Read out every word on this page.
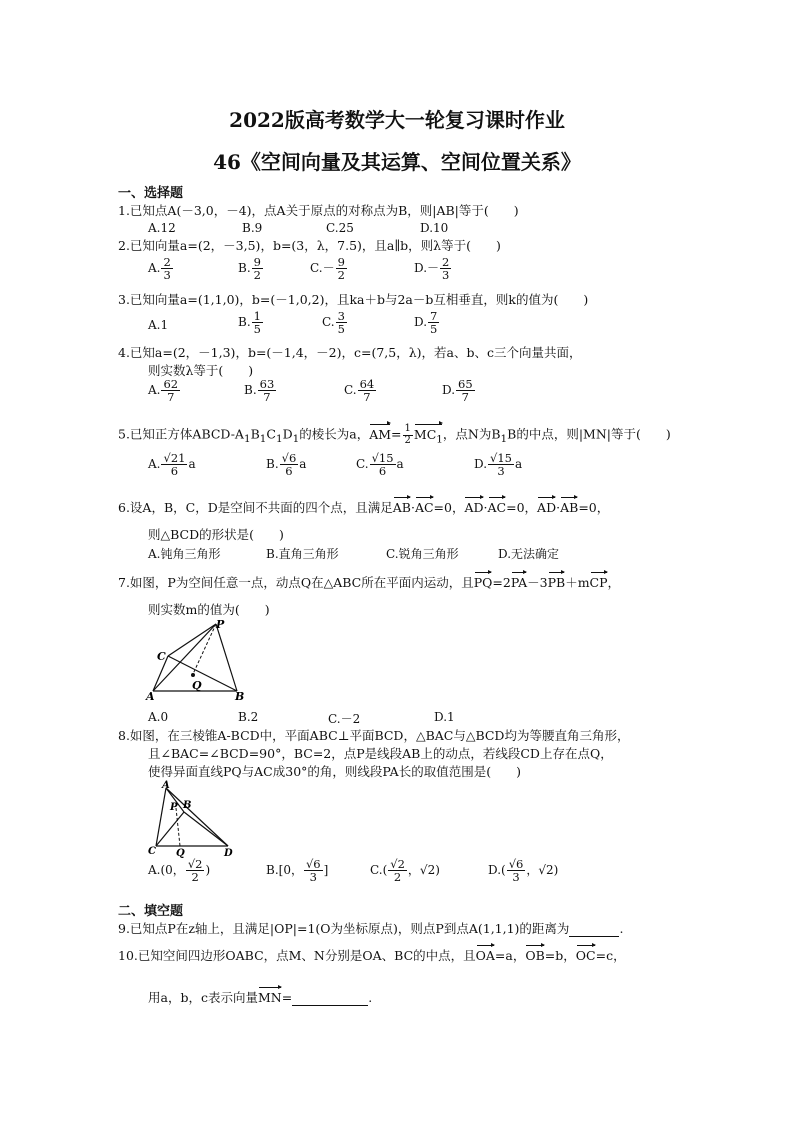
2022版高考数学大一轮复习课时作业
46《空间向量及其运算、空间位置关系》
一、选择题
1.已知点A(－3,0，－4)，点A关于原点的对称点为B，则|AB|等于(　　)
A.12	B.9	C.25	D.10
2.已知向量a=(2，－3,5)，b=(3，λ，7.5)，且a∥b，则λ等于(　　)
A. $\frac{2}{3}$	B. $\frac{9}{2}$	$C.- \frac{9}{2}$	$D.- \frac{2}{3}$
3.已知向量a=(1,1,0)，b=(－1,0,2)，且ka＋b与2a－b互相垂直，则k的值为(　　)
A.1	B. $\frac{1}{5}$	C. $\frac{3}{5}$	D. $\frac{7}{5}$
4.已知a=(2，－1,3)，b=(－1,4，－2)，c=(7,5，λ)，若a、b、c三个向量共面，
则实数λ等于(　　)
A. $\frac{62}{7}$	B. $\frac{63}{7}$	C. $\frac{64}{7}$	D. $\frac{65}{7}$
5.已知正方体ABCD-$A_1B_1C_1D_1$的棱长为a，$AM= \frac{1}{2} MC_1$，点N为$B_1B$的中点，则|MN|等于(　　)
A. $\frac{√21}{6}$ a	B. $\frac{√6}{6}$ a	C. $\frac{√15}{6}$ a	D. $\frac{√15}{3}$ a
6.设A，B，C，D是空间不共面的四个点，且满足AB·AC=0，AD·AC=0，AD·AB=0，
则△BCD的形状是(　　)
A.钝角三角形	B.直角三角形	C.锐角三角形	D.无法确定
7.如图，P为空间任意一点，动点Q在△ABC所在平面内运动，且PQ=2PA－3PB＋mCP，
则实数m的值为(　　)
P
C
Q
A	B
A.0	B.2	C.－2	D.1
8.如图，在三棱锥A-BCD中，平面ABC⊥平面BCD，△BAC与△BCD均为等腰直角三角形，
且∠BAC=∠BCD=90°，BC=2，点P是线段AB上的动点，若线段CD上存在点Q，
使得异面直线PQ与AC成30°的角，则线段PA长的取值范围是(　　)
A
P B
C Q	D
A.(0， $\frac{√2}{2}$ )	B.[0， $\frac{√6}{3}$ ]	$C.( \frac{√2}{2}$ ，√2)	$D.( \frac{√6}{3}$ ，√2)
二、填空题
9.已知点P在z轴上，且满足|OP|=1(O为坐标原点)，则点P到点A(1,1,1)的距离为	.
10.已知空间四边形OABC，点M、N分别是OA、BC的中点，且OA=a，OB=b，OC=c，
用a，b，c表示向量MN=	.
